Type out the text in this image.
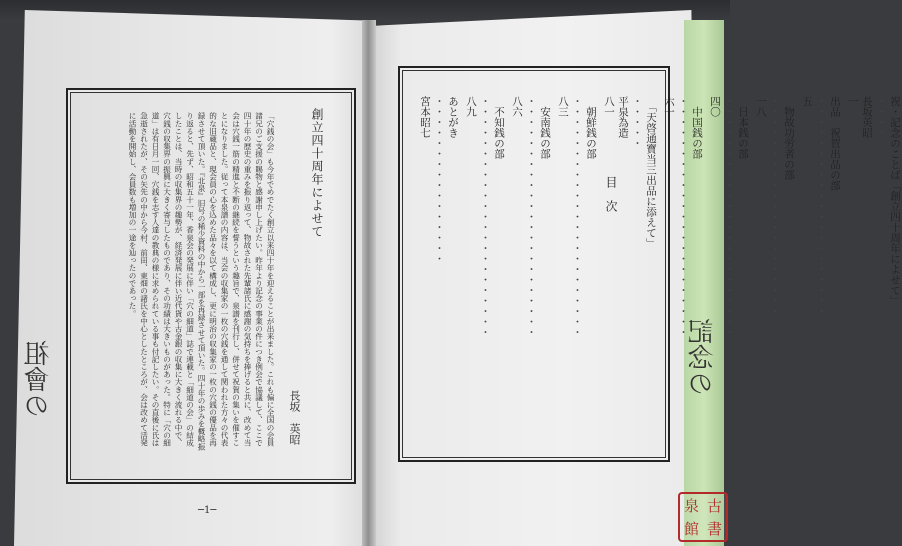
創立四十周年によせて
長坂　英昭
「穴銭の会」も今年でめでたく創立以来四十年を迎えることが出来ました。これも偏に全国の会員諸兄のご支援の賜物と感謝申し上げたい。昨年より記念の事業の件につき例会で協議して、ここで四十年の歴史の重みを振り返って、物故された先輩諸氏に感謝の気持ちを捧げると共に、改めて当会は穴銭一筋の精進と不断の継続を誓うという趣旨で、泉譜を刊行し、併せて祝賀の集いを催すことになりました。従って本泉譜の内容は、当会の収集家の一枚の穴銭を通して関われた方々の代表的な旧蔵品と、現会員の心を込めた品々を以て構成し、更に明治の収集家の一枚の穴銭の優品を再録させて頂いた。『北泉』旧号の稀少資料の中から一部を再録させて頂いた。四十年の歩みを概略振り返ると、先ず、昭和五十一年、香泉会の発展に伴い「穴の細道」誌で連載と「細道の会」の結成したことは、当時の収集界の趣勢が、経済発展に伴い近代貨や古金銀の収集に大きく流れる中で、穴銭の収集界の振興に大きく寄与したものであり、その功績は大きいものがあった。特に「穴の細道」は有日月一回、穴銭を志す人達の教典の様に求められている事も付記したい。その直後に氏は急逝されたが、その矢先の中から今村、前田、東畑の諸氏を中心としたところが、会は改めて活発に活動を開始し、会員数も増加の一途を辿ったのであった。
─1─
祖會の
目　次	祝・記念のことば「創立四十周年によせて」
・・・・
長坂英昭
一
出品　祝賀出品の部
・・・・・・・・・・・・・・・・・・・・・
五
　物故功労者の部
・・・・・・・・・・・・・・・・・・・・・
一八
　日本銭の部
・・・・・・・・・・・・・・・・・・・・・・・
四〇
　中国銭の部
・・・・・・・・・・・・・・・・・・・・・・・
六一
　「天啓通寶当三出品に添えて」
・・・・・
平泉為造
八一
　朝鮮銭の部
・・・・・・・・・・・・・・・・・・・・・・・
八三
　安南銭の部
・・・・・・・・・・・・・・・・・・・・・・・
八六
　不知銭の部
・・・・・・・・・・・・・・・・・・・・・・・
八九
あとがき
・・・・・・・・・・・・・・・・
宮本昭七
記念の
泉 古
館 書
